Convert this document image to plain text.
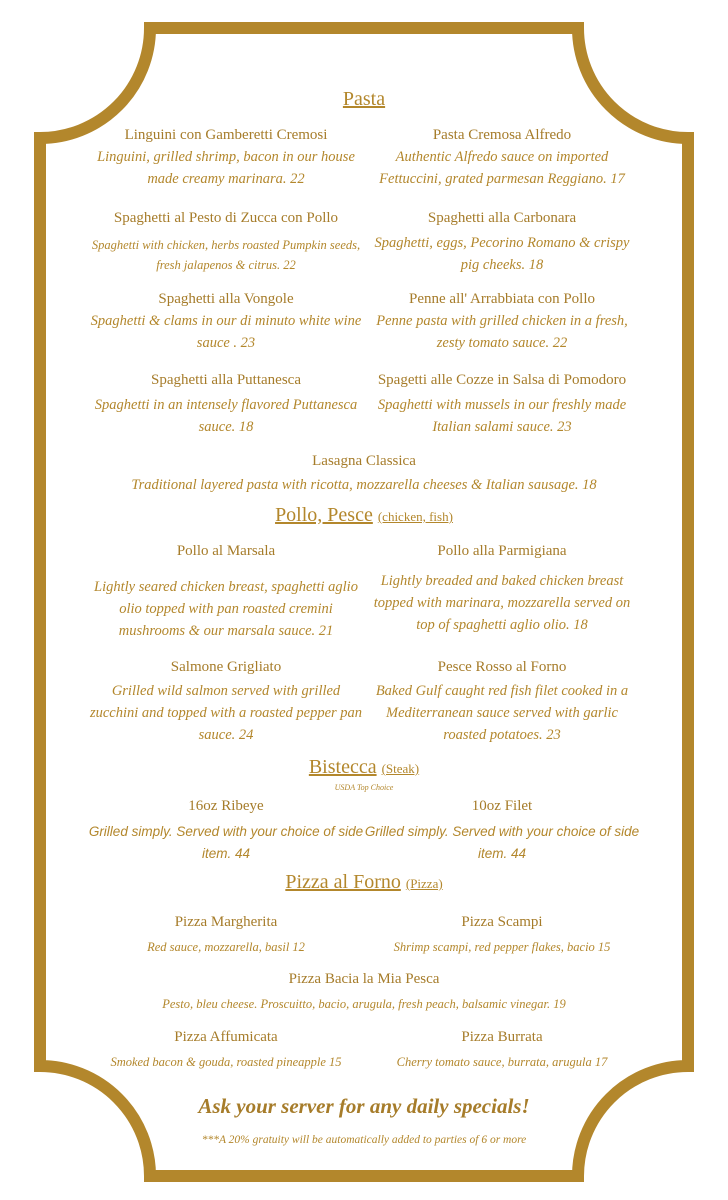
Pasta
Linguini con Gamberetti Cremosi
Linguini, grilled shrimp, bacon in our house made creamy marinara. 22
Pasta Cremosa Alfredo
Authentic Alfredo sauce on imported Fettuccini, grated parmesan Reggiano. 17
Spaghetti al Pesto di Zucca con Pollo
Spaghetti with chicken, herbs roasted Pumpkin seeds, fresh jalapenos & citrus. 22
Spaghetti alla Carbonara
Spaghetti, eggs, Pecorino Romano & crispy pig cheeks. 18
Spaghetti alla Vongole
Spaghetti & clams in our di minuto white wine sauce . 23
Penne all' Arrabbiata con Pollo
Penne pasta with grilled chicken in a fresh, zesty tomato sauce. 22
Spaghetti alla Puttanesca
Spaghetti in an intensely flavored Puttanesca sauce. 18
Spagetti alle Cozze in Salsa di Pomodoro
Spaghetti with mussels in our freshly made Italian salami sauce. 23
Lasagna Classica
Traditional layered pasta with ricotta, mozzarella cheeses & Italian sausage. 18
Pollo, Pesce (chicken, fish)
Pollo al Marsala
Lightly seared chicken breast, spaghetti aglio olio topped with pan roasted cremini mushrooms & our marsala sauce. 21
Pollo alla Parmigiana
Lightly breaded and baked chicken breast topped with marinara, mozzarella served on top of spaghetti aglio olio. 18
Salmone Grigliato
Grilled wild salmon served with grilled zucchini and topped with a roasted pepper pan sauce. 24
Pesce Rosso al Forno
Baked Gulf caught red fish filet cooked in a Mediterranean sauce served with garlic roasted potatoes. 23
Bistecca (Steak)
USDA Top Choice
16oz Ribeye
Grilled simply. Served with your choice of side item. 44
10oz Filet
Grilled simply. Served with your choice of side item. 44
Pizza al Forno (Pizza)
Pizza Margherita
Red sauce, mozzarella, basil 12
Pizza Scampi
Shrimp scampi, red pepper flakes, bacio 15
Pizza Bacia la Mia Pesca
Pesto, bleu cheese. Proscuitto, bacio, arugula, fresh peach, balsamic vinegar. 19
Pizza Affumicata
Smoked bacon & gouda, roasted pineapple 15
Pizza Burrata
Cherry tomato sauce, burrata, arugula 17
Ask your server for any daily specials!
***A 20% gratuity will be automatically added to parties of 6 or more
